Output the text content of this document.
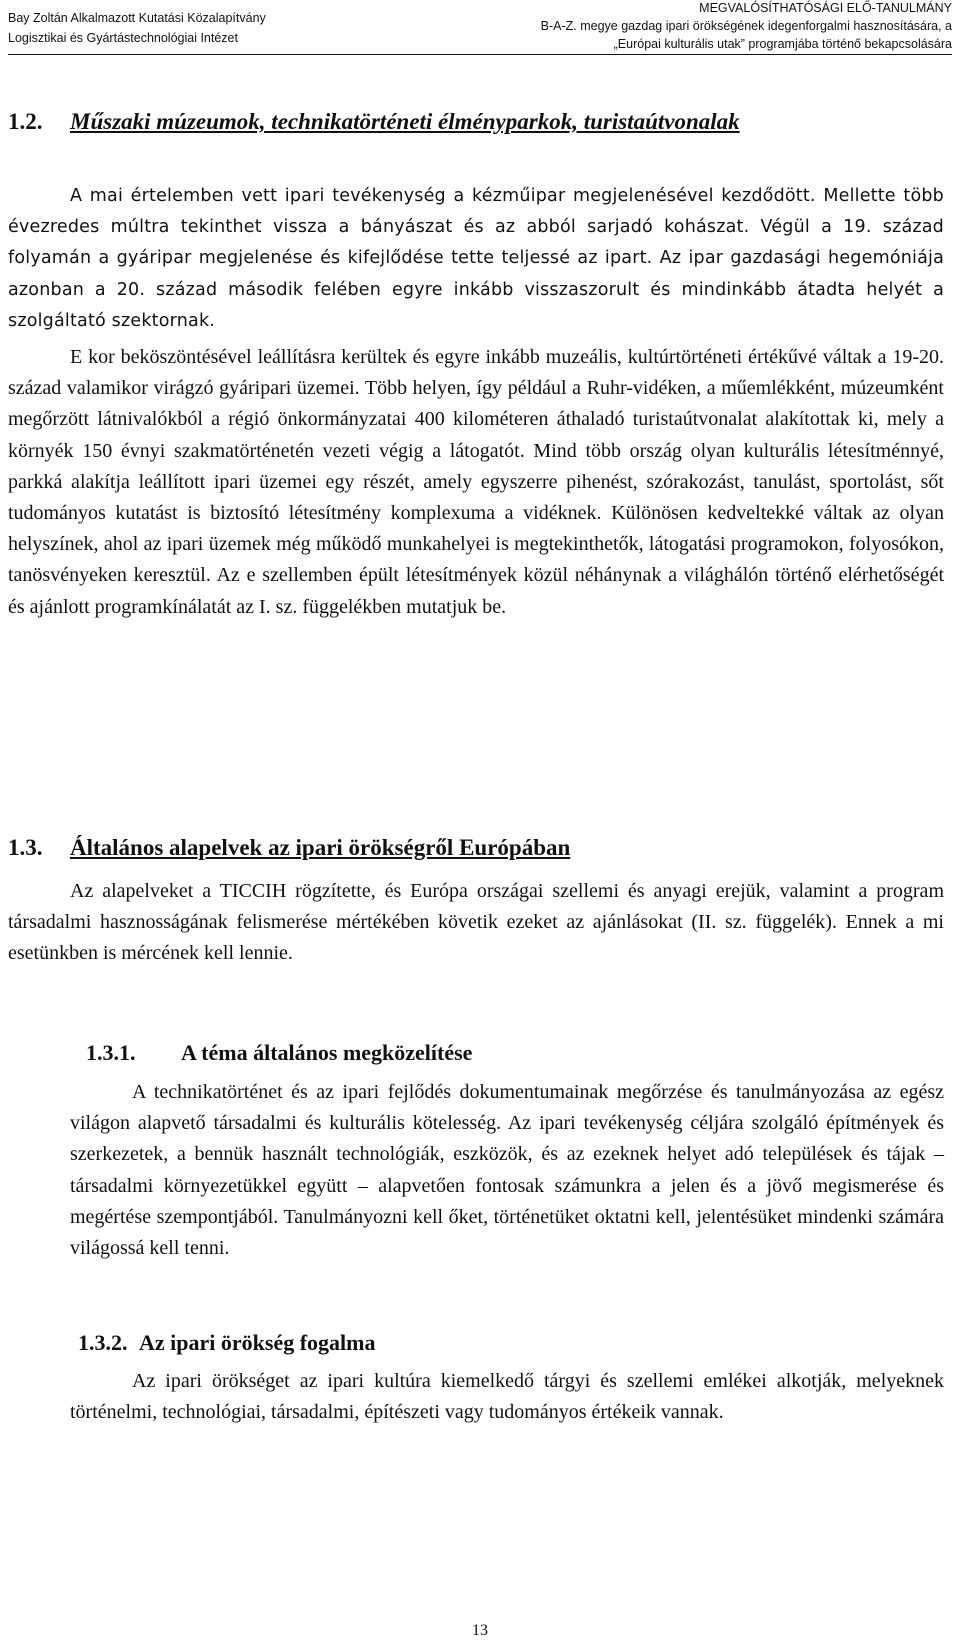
Bay Zoltán Alkalmazott Kutatási Közalapítvány
Logisztikai és Gyártástechnológiai Intézet
MEGVALÓSÍTHATÓSÁGI ELŐ-TANULMÁNY
B-A-Z. megye gazdag ipari örökségének idegenforgalmi hasznosítására, a
„Európai kulturális utak” programjába történő bekapcsolására
1.2. Műszaki múzeumok, technikatörténeti élményparkok, turistaútvonalak

A mai értelemben vett ipari tevékenység a kézműipar megjelenésével kezdődött. Mellette több évezredes múltra tekinthet vissza a bányászat és az abból sarjadó kohászat. Végül a 19. század folyamán a gyáripar megjelenése és kifejlődése tette teljessé az ipart. Az ipar gazdasági hegemóniája azonban a 20. század második felében egyre inkább visszaszorult és mindinkább átadta helyét a szolgáltató szektornak.

E kor beköszöntésével leállításra kerültek és egyre inkább muzeális, kultúrtörténeti értékűvé váltak a 19-20. század valamikor virágzó gyáripari üzemei. Több helyen, így például a Ruhr-vidéken, a műemlékként, múzeumként megőrzött látnivalókból a régió önkormányzatai 400 kilométeren áthaladó turistaútvonalat alakítottak ki, mely a környék 150 évnyi szakmatörténetén vezeti végig a látogatót. Mind több ország olyan kulturális létesítménnyé, parkká alakítja leállított ipari üzemei egy részét, amely egyszerre pihenést, szórakozást, tanulást, sportolást, sőt tudományos kutatást is biztosító létesítmény komplexuma a vidéknek. Különösen kedveltekké váltak az olyan helyszínek, ahol az ipari üzemek még működő munkahelyei is megtekinthetők, látogatási programokon, folyosókon, tanösvényeken keresztül. Az e szellemben épült létesítmények közül néhánynak a világhálón történő elérhetőségét és ajánlott programkínálatát az I. sz. függelékben mutatjuk be.

1.3. Általános alapelvek az ipari örökségről Európában

Az alapelveket a TICCIH rögzítette, és Európa országai szellemi és anyagi erejük, valamint a program társadalmi hasznosságának felismerése mértékében követik ezeket az ajánlásokat (II. sz. függelék). Ennek a mi esetünkben is mércének kell lennie.

1.3.1. A téma általános megközelítése

A technikatörténet és az ipari fejlődés dokumentumainak megőrzése és tanulmányozása az egész világon alapvető társadalmi és kulturális kötelesség. Az ipari tevékenység céljára szolgáló építmények és szerkezetek, a bennük használt technológiák, eszközök, és az ezeknek helyet adó települések és tájak – társadalmi környezetükkel együtt – alapvetően fontosak számunkra a jelen és a jövő megismerése és megértése szempontjából. Tanulmányozni kell őket, történetüket oktatni kell, jelentésüket mindenki számára világossá kell tenni.

1.3.2. Az ipari örökség fogalma

Az ipari örökséget az ipari kultúra kiemelkedő tárgyi és szellemi emlékei alkotják, melyeknek történelmi, technológiai, társadalmi, építészeti vagy tudományos értékeik vannak.

13
